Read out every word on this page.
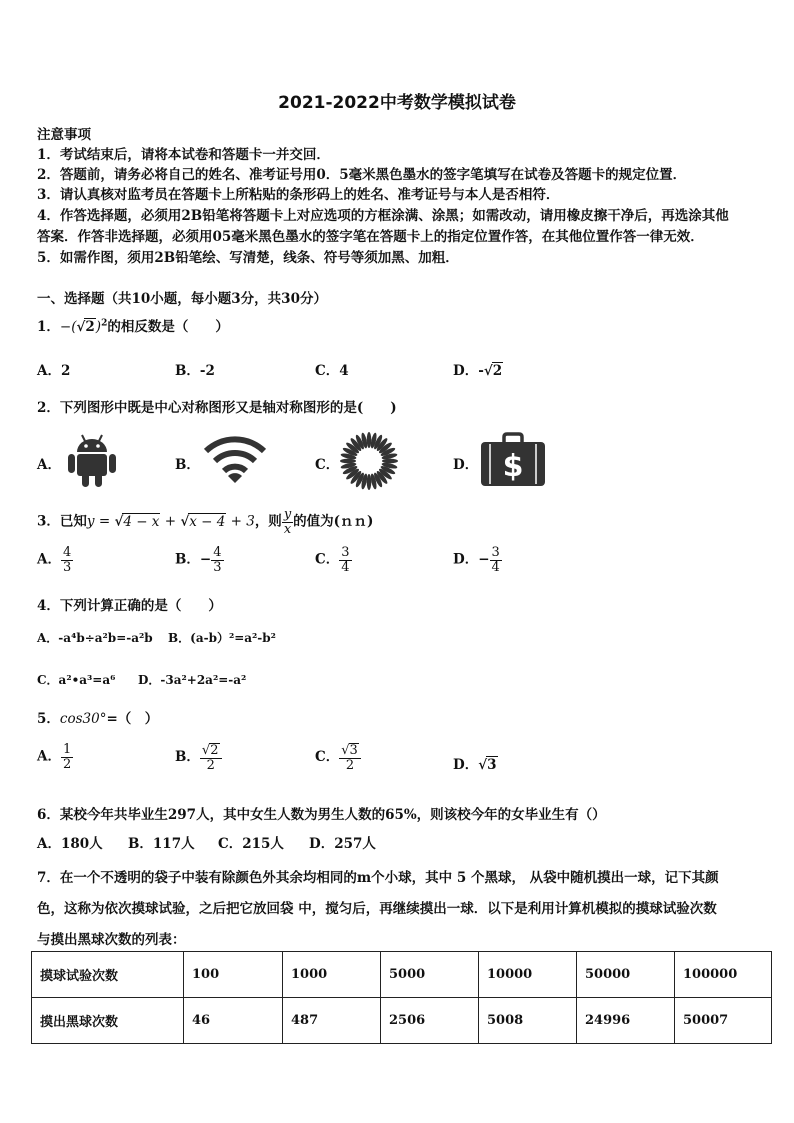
2021-2022中考数学模拟试卷
注意事项
1．考试结束后，请将本试卷和答题卡一并交回．
2．答题前，请务必将自己的姓名、准考证号用0．5毫米黑色墨水的签字笔填写在试卷及答题卡的规定位置．
3．请认真核对监考员在答题卡上所粘贴的条形码上的姓名、准考证号与本人是否相符．
4．作答选择题，必须用2B铅笔将答题卡上对应选项的方框涂满、涂黑；如需改动，请用橡皮擦干净后，再选涂其他
答案．作答非选择题，必须用05毫米黑色墨水的签字笔在答题卡上的指定位置作答，在其他位置作答一律无效．
5．如需作图，须用2B铅笔绘、写清楚，线条、符号等须加黑、加粗．
一、选择题（共10小题，每小题3分，共30分）
1．$-(√2)^2$的相反数是（　　）
A．2	B．-2	C．4	D．-√2
2．下列图形中既是中心对称图形又是轴对称图形的是(　　)
A．	B．	C．	D． $
3．已知y = √4 − x + √x − 4 + 3，则 $\frac{y}{x}$ 的值为(ｎｎ)
A． $\frac{4}{3}$	B．− $\frac{4}{3}$	C． $\frac{3}{4}$	D．− $\frac{3}{4}$
4．下列计算正确的是（　　）
A．-a⁴b÷a²b=-a²b B．(a-b）²=a²-b²
C．a²•a³=a⁶ D．-3a²+2a²=-a²
5．cos30°=（　）
A． $\frac{1}{2}$	B． $\frac{√2}{2}$	C． $\frac{√3}{2}$	D．√3
6．某校今年共毕业生297人，其中女生人数为男生人数的65%，则该校今年的女毕业生有（）
A．180人 B．117人 C．215人 D．257人
7．在一个不透明的袋子中装有除颜色外其余均相同的m个小球，其中 5 个黑球， 从袋中随机摸出一球，记下其颜
色，这称为依次摸球试验，之后把它放回袋 中，搅匀后，再继续摸出一球．以下是利用计算机模拟的摸球试验次数
与摸出黑球次数的列表：
摸球试验次数	100	1000	5000	10000	50000	100000
摸出黑球次数	46	487	2506	5008	24996	50007
